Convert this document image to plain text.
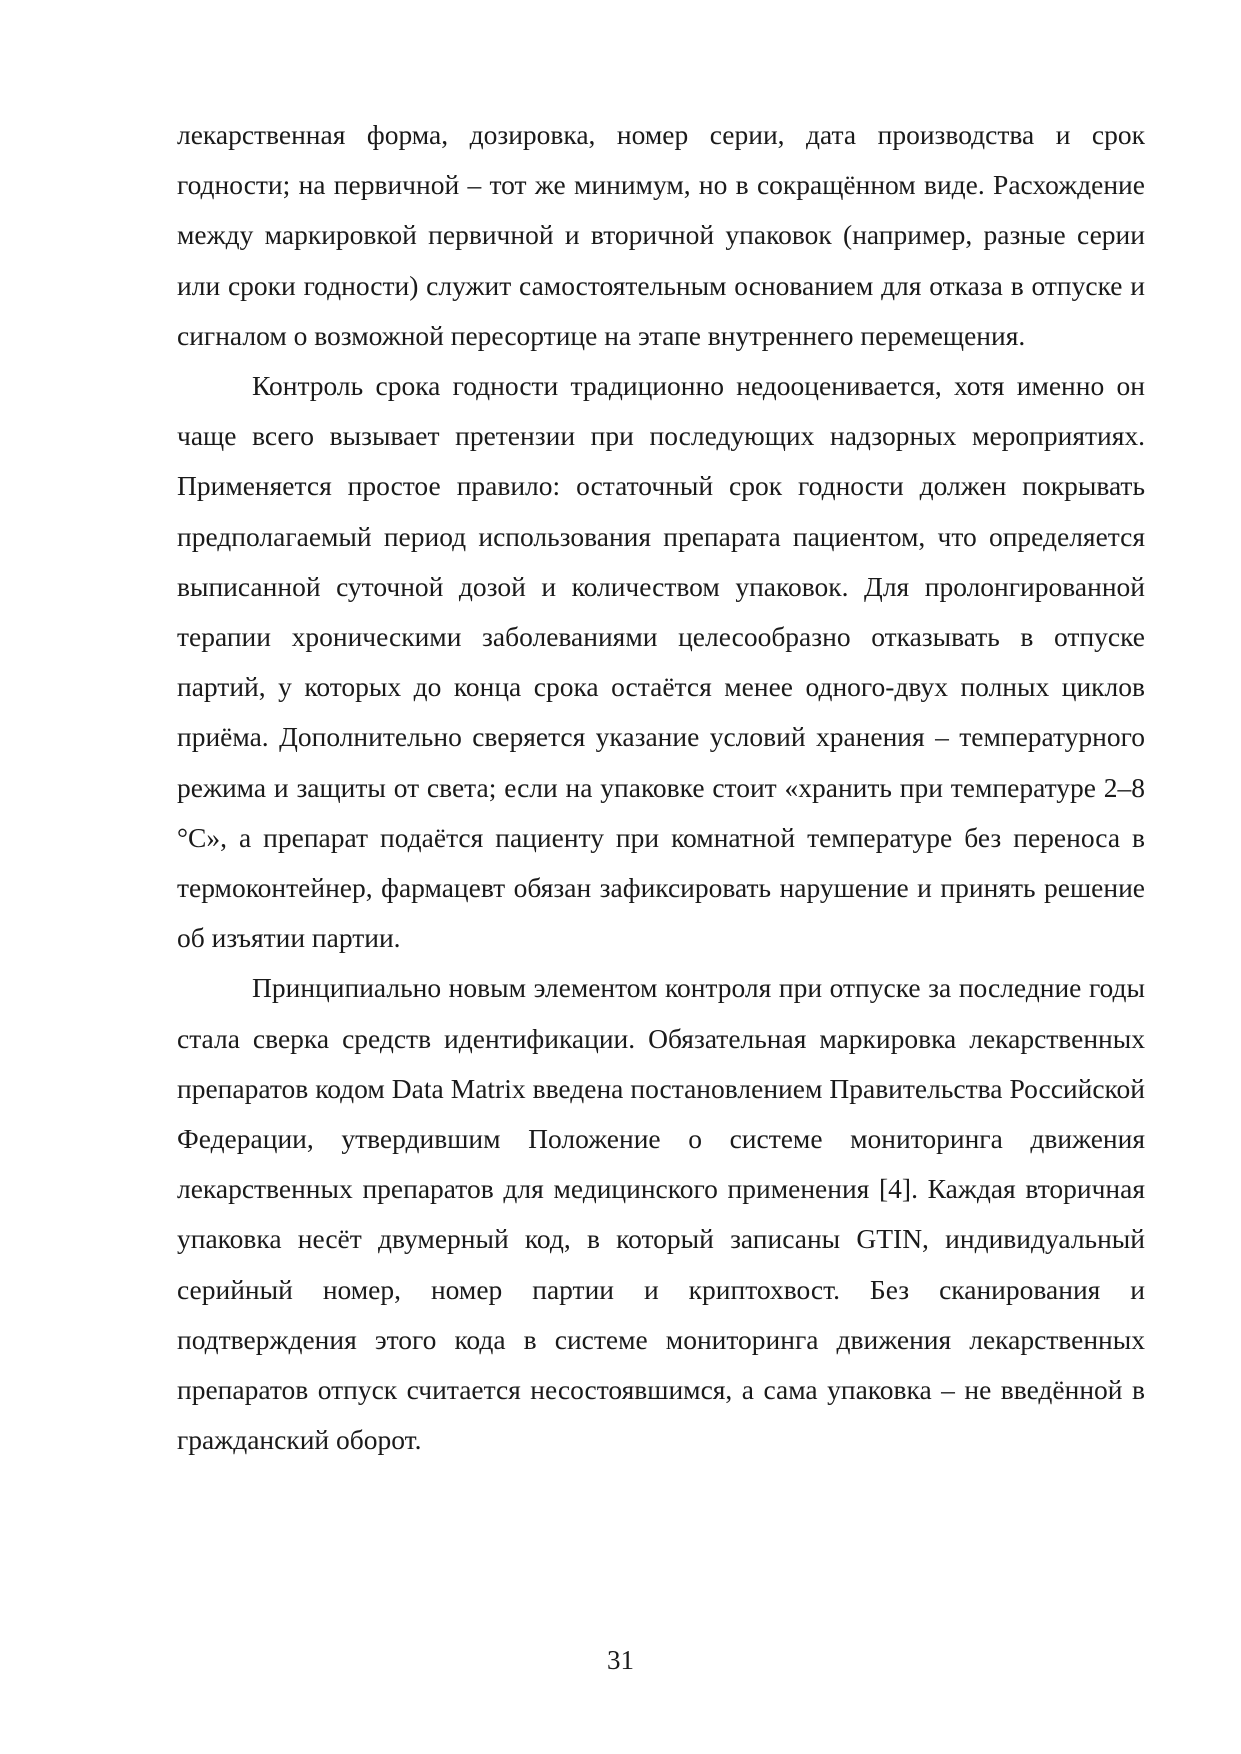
лекарственная форма, дозировка, номер серии, дата производства и срок годности; на первичной – тот же минимум, но в сокращённом виде. Расхождение между маркировкой первичной и вторичной упаковок (например, разные серии или сроки годности) служит самостоятельным основанием для отказа в отпуске и сигналом о возможной пересортице на этапе внутреннего перемещения.

Контроль срока годности традиционно недооценивается, хотя именно он чаще всего вызывает претензии при последующих надзорных мероприятиях. Применяется простое правило: остаточный срок годности должен покрывать предполагаемый период использования препарата пациентом, что определяется выписанной суточной дозой и количеством упаковок. Для пролонгированной терапии хроническими заболеваниями целесообразно отказывать в отпуске партий, у которых до конца срока остаётся менее одного-двух полных циклов приёма. Дополнительно сверяется указание условий хранения – температурного режима и защиты от света; если на упаковке стоит «хранить при температуре 2–8 °C», а препарат подаётся пациенту при комнатной температуре без переноса в термоконтейнер, фармацевт обязан зафиксировать нарушение и принять решение об изъятии партии.

Принципиально новым элементом контроля при отпуске за последние годы стала сверка средств идентификации. Обязательная маркировка лекарственных препаратов кодом Data Matrix введена постановлением Правительства Российской Федерации, утвердившим Положение о системе мониторинга движения лекарственных препаратов для медицинского применения [4]. Каждая вторичная упаковка несёт двумерный код, в который записаны GTIN, индивидуальный серийный номер, номер партии и криптохвост. Без сканирования и подтверждения этого кода в системе мониторинга движения лекарственных препаратов отпуск считается несостоявшимся, а сама упаковка – не введённой в гражданский оборот.

31
